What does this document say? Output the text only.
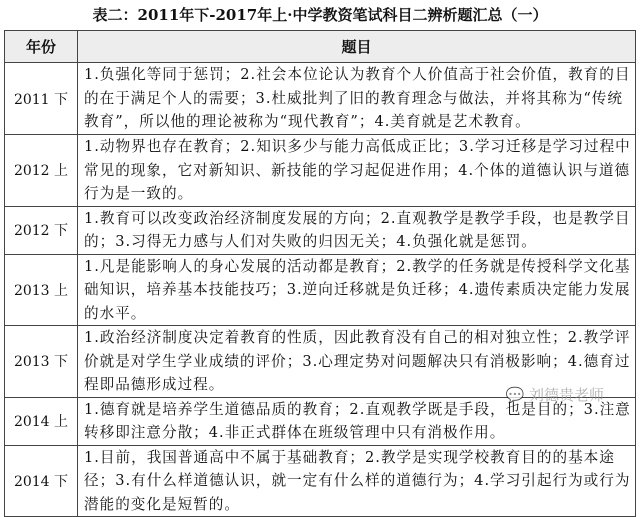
表二：2011年下-2017年上·中学教资笔试科目二辨析题汇总（一）
年份	题目
2011 下	1.负强化等同于惩罚；2.社会本位论认为教育个人价值高于社会价值，教育的目的在于满足个人的需要；3.杜威批判了旧的教育理念与做法，并将其称为“传统教育”，所以他的理论被称为“现代教育”；4.美育就是艺术教育。
2012 上	1.动物界也存在教育；2.知识多少与能力高低成正比；3.学习迁移是学习过程中常见的现象，它对新知识、新技能的学习起促进作用；4.个体的道德认识与道德行为是一致的。
2012 下	1.教育可以改变政治经济制度发展的方向；2.直观教学是教学手段，也是教学目的；3.习得无力感与人们对失败的归因无关；4.负强化就是惩罚。
2013 上	1.凡是能影响人的身心发展的活动都是教育；2.教学的任务就是传授科学文化基础知识，培养基本技能技巧；3.逆向迁移就是负迁移；4.遗传素质决定能力发展的水平。
2013 下	1.政治经济制度决定着教育的性质，因此教育没有自己的相对独立性；2.教学评价就是对学生学业成绩的评价；3.心理定势对问题解决只有消极影响；4.德育过程即品德形成过程。
2014 上	1.德育就是培养学生道德品质的教育；2.直观教学既是手段，也是目的；3.注意转移即注意分散；4.非正式群体在班级管理中只有消极作用。
2014 下	1.目前，我国普通高中不属于基础教育；2.教学是实现学校教育目的的基本途径；3.有什么样道德认识，就一定有什么样的道德行为；4.学习引起行为或行为潜能的变化是短暂的。
💬 刘德贵老师
